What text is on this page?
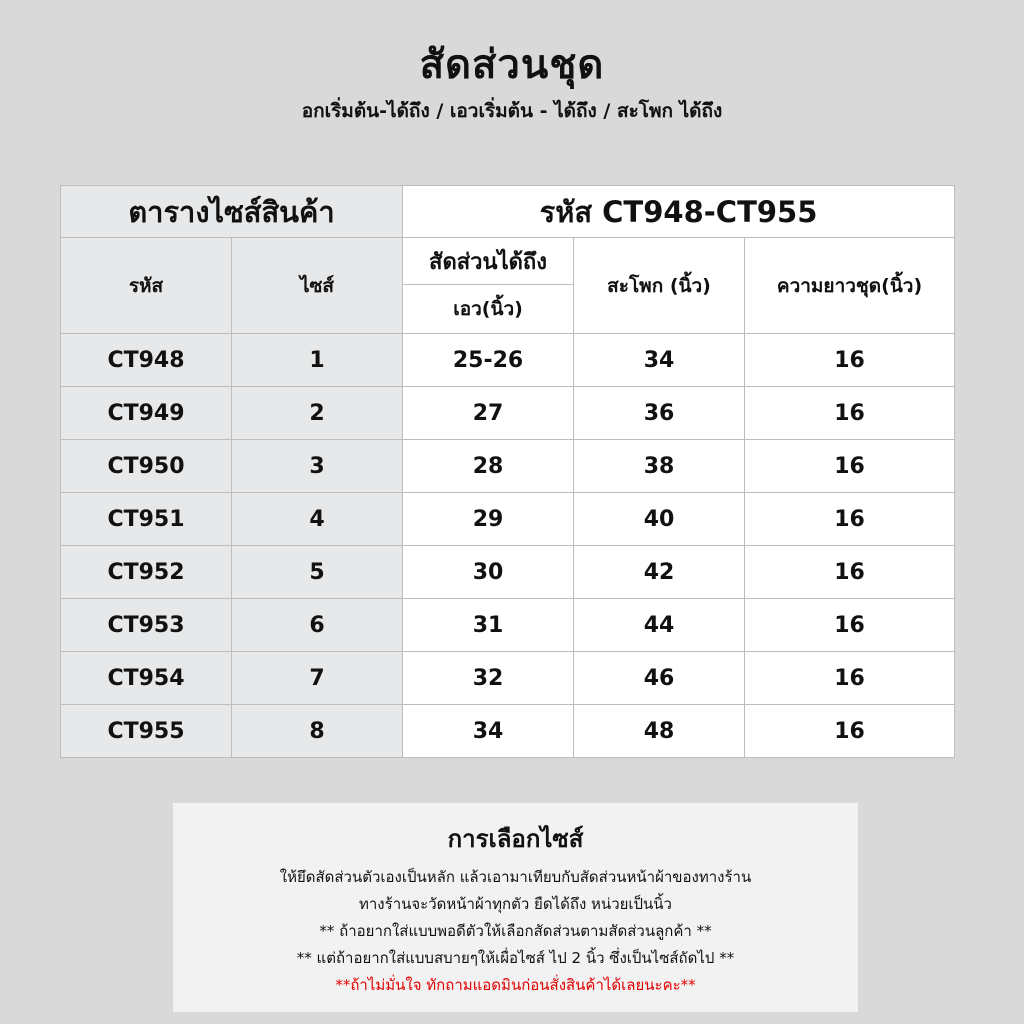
สัดส่วนชุด
อกเริ่มต้น-ได้ถึง / เอวเริ่มต้น - ได้ถึง / สะโพก ได้ถึง
ตารางไซส์สินค้า		รหัส CT948-CT955		
รหัส	ไซส์	สัดส่วนได้ถึง	สะโพก (นิ้ว)	ความยาวชุด(นิ้ว)
		เอว(นิ้ว)		
CT948	1	25-26	34	16
CT949	2	27	36	16
CT950	3	28	38	16
CT951	4	29	40	16
CT952	5	30	42	16
CT953	6	31	44	16
CT954	7	32	46	16
CT955	8	34	48	16
การเลือกไซส์
ให้ยึดสัดส่วนตัวเองเป็นหลัก แล้วเอามาเทียบกับสัดส่วนหน้าผ้าของทางร้าน
ทางร้านจะวัดหน้าผ้าทุกตัว ยืดได้ถึง หน่วยเป็นนิ้ว
** ถ้าอยากใส่แบบพอดีตัวให้เลือกสัดส่วนตามสัดส่วนลูกค้า **
** แต่ถ้าอยากใส่แบบสบายๆให้เผื่อไซส์ ไป 2 นิ้ว ซึ่งเป็นไซส์ถัดไป **
**ถ้าไม่มั่นใจ ทักถามแอดมินก่อนสั่งสินค้าได้เลยนะคะ**
